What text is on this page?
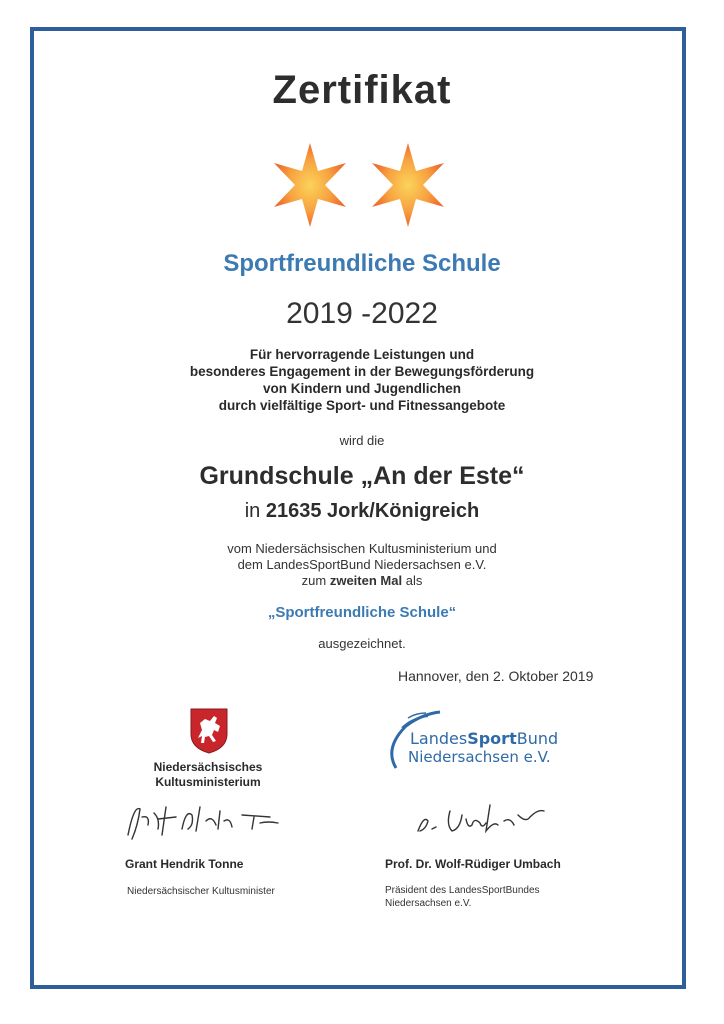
Zertifikat
Sportfreundliche Schule
2019 -2022
Für hervorragende Leistungen und
besonderes Engagement in der Bewegungsförderung
von Kindern und Jugendlichen
durch vielfältige Sport- und Fitnessangebote
wird die
Grundschule „An der Este“
in 21635 Jork/Königreich
vom Niedersächsischen Kultusministerium und
dem LandesSportBund Niedersachsen e.V.
zum zweiten Mal als
„Sportfreundliche Schule“
ausgezeichnet.
Hannover, den 2. Oktober 2019
Niedersächsisches
Kultusministerium
LandesSportBund
Niedersachsen e.V.
Grant Hendrik Tonne	Prof. Dr. Wolf-Rüdiger Umbach
Niedersächsischer Kultusminister	Präsident des LandesSportBundes
Niedersachsen e.V.
